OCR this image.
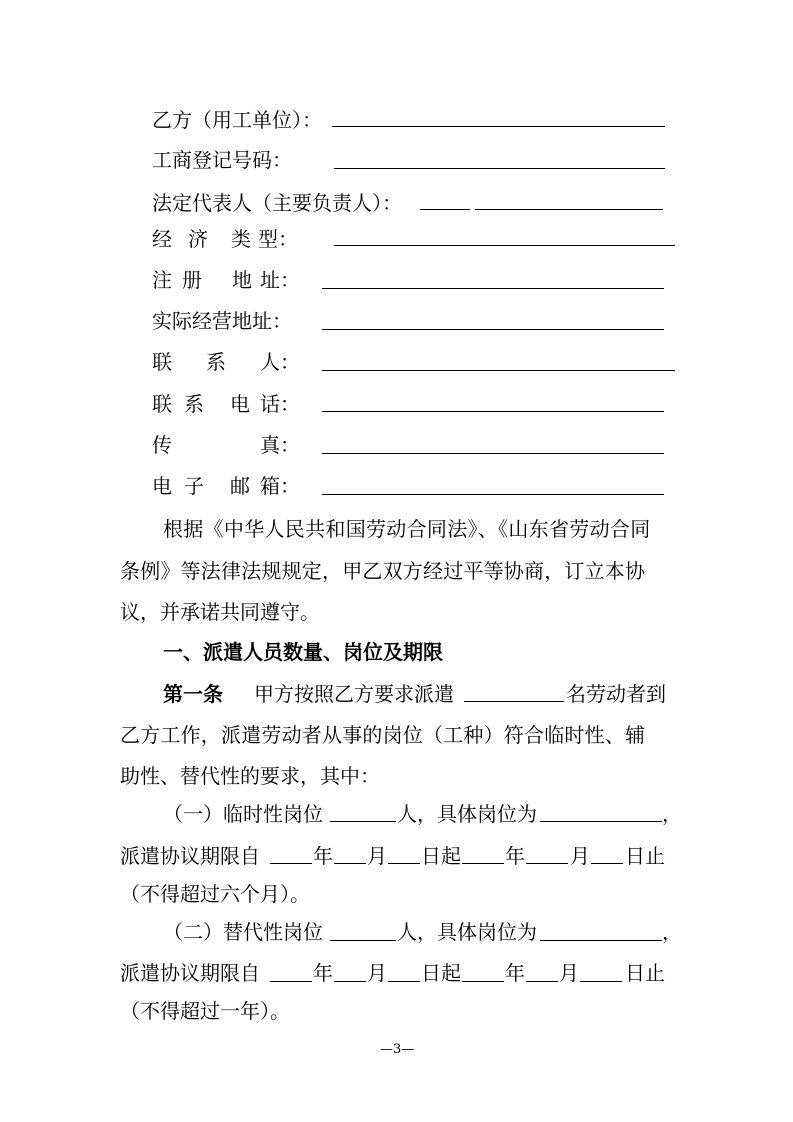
乙方（用工单位）：
工商登记号码：
法定代表人（主要负责人）：
经 济 类 型：
注 册 地 址：
实际经营地址：
联 系 人：
联 系 电 话：
传	真：
电 子 邮 箱：
根据《中华人民共和国劳动合同法》、《山东省劳动合同
条例》等法律法规规定，甲乙双方经过平等协商，订立本协
议，并承诺共同遵守。
一、派遣人员数量、岗位及期限
第一条 甲方按照乙方要求派遣	名劳动者到
乙方工作，派遣劳动者从事的岗位（工种）符合临时性、辅
助性、替代性的要求，其中：
（一）临时性岗位	人，具体岗位为	，
派遣协议期限自	年 月 日起 年 月 日止
（不得超过六个月）。
（二）替代性岗位	人，具体岗位为	，
派遣协议期限自	年 月 日起 年 月 日止
（不得超过一年）。
—3—
